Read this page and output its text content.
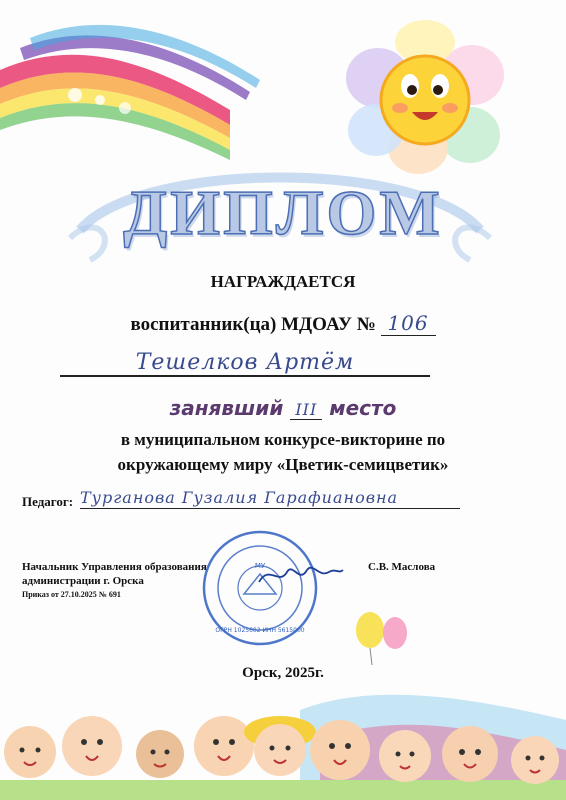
ДИПЛОМ
НАГРАЖДАЕТСЯ
воспитанник(ца) МДОАУ № 106
Тешелков Артём
занявший III место
в муниципальном конкурсе-викторине по
окружающему миру «Цветик-семицветик»
Педагог: Турганова Гузалия Гарафиановна
Начальник Управления образования
администрации г. Орска
Приказ от 27.10.2025 № 691
С.В. Маслова
МУ
ОГРН 1025602 ИНН 5615000
Орск, 2025г.
